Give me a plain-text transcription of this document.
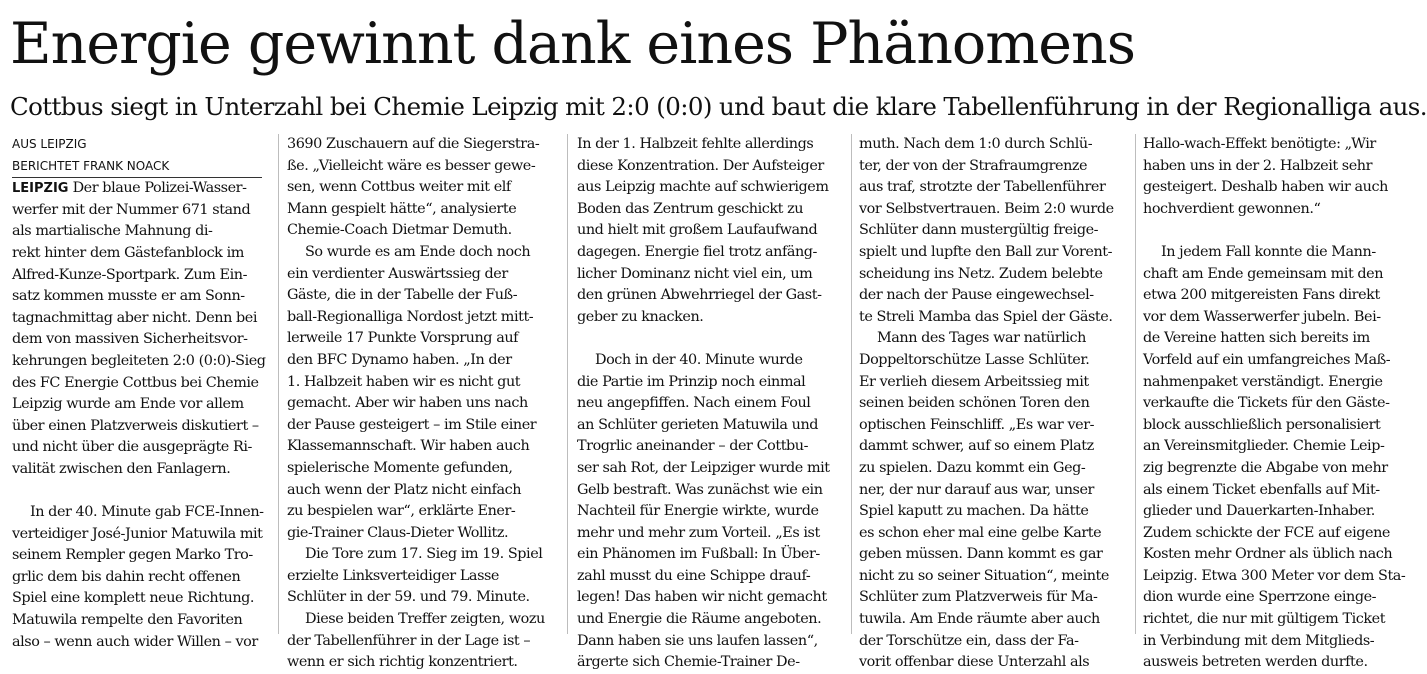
Energie gewinnt dank eines Phänomens
Cottbus siegt in Unterzahl bei Chemie Leipzig mit 2:0 (0:0) und baut die klare Tabellenführung in der Regionalliga aus.

AUS LEIPZIG

BERICHTET FRANK NOACK

LEIPZIG Der blaue Polizei-Wasser-

werfer mit der Nummer 671 stand

als martialische Mahnung di-

rekt hinter dem Gästefanblock im

Alfred-Kunze-Sportpark. Zum Ein-

satz kommen musste er am Sonn-

tagnachmittag aber nicht. Denn bei

dem von massiven Sicherheitsvor-

kehrungen begleiteten 2:0 (0:0)-Sieg

des FC Energie Cottbus bei Chemie

Leipzig wurde am Ende vor allem

über einen Platzverweis diskutiert –

und nicht über die ausgeprägte Ri-

valität zwischen den Fanlagern.

In der 40. Minute gab FCE-Innen-

verteidiger José-Junior Matuwila mit

seinem Rempler gegen Marko Tro-

grlic dem bis dahin recht offenen

Spiel eine komplett neue Richtung.

Matuwila rempelte den Favoriten

also – wenn auch wider Willen – vor

3690 Zuschauern auf die Siegerstra-

ße. „Vielleicht wäre es besser gewe-

sen, wenn Cottbus weiter mit elf

Mann gespielt hätte“, analysierte

Chemie-Coach Dietmar Demuth.

So wurde es am Ende doch noch

ein verdienter Auswärtssieg der

Gäste, die in der Tabelle der Fuß-

ball-Regionalliga Nordost jetzt mitt-

lerweile 17 Punkte Vorsprung auf

den BFC Dynamo haben. „In der

1. Halbzeit haben wir es nicht gut

gemacht. Aber wir haben uns nach

der Pause gesteigert – im Stile einer

Klassemannschaft. Wir haben auch

spielerische Momente gefunden,

auch wenn der Platz nicht einfach

zu bespielen war“, erklärte Ener-

gie-Trainer Claus-Dieter Wollitz.

Die Tore zum 17. Sieg im 19. Spiel

erzielte Linksverteidiger Lasse

Schlüter in der 59. und 79. Minute.

Diese beiden Treffer zeigten, wozu

der Tabellenführer in der Lage ist –

wenn er sich richtig konzentriert.

In der 1. Halbzeit fehlte allerdings

diese Konzentration. Der Aufsteiger

aus Leipzig machte auf schwierigem

Boden das Zentrum geschickt zu

und hielt mit großem Laufaufwand

dagegen. Energie fiel trotz anfäng-

licher Dominanz nicht viel ein, um

den grünen Abwehrriegel der Gast-

geber zu knacken.

Doch in der 40. Minute wurde

die Partie im Prinzip noch einmal

neu angepfiffen. Nach einem Foul

an Schlüter gerieten Matuwila und

Trogrlic aneinander – der Cottbu-

ser sah Rot, der Leipziger wurde mit

Gelb bestraft. Was zunächst wie ein

Nachteil für Energie wirkte, wurde

mehr und mehr zum Vorteil. „Es ist

ein Phänomen im Fußball: In Über-

zahl musst du eine Schippe drauf-

legen! Das haben wir nicht gemacht

und Energie die Räume angeboten.

Dann haben sie uns laufen lassen“,

ärgerte sich Chemie-Trainer De-

muth. Nach dem 1:0 durch Schlü-

ter, der von der Strafraumgrenze

aus traf, strotzte der Tabellenführer

vor Selbstvertrauen. Beim 2:0 wurde

Schlüter dann mustergültig freige-

spielt und lupfte den Ball zur Vorent-

scheidung ins Netz. Zudem belebte

der nach der Pause eingewechsel-

te Streli Mamba das Spiel der Gäste.

Mann des Tages war natürlich

Doppeltorschütze Lasse Schlüter.

Er verlieh diesem Arbeitssieg mit

seinen beiden schönen Toren den

optischen Feinschliff. „Es war ver-

dammt schwer, auf so einem Platz

zu spielen. Dazu kommt ein Geg-

ner, der nur darauf aus war, unser

Spiel kaputt zu machen. Da hätte

es schon eher mal eine gelbe Karte

geben müssen. Dann kommt es gar

nicht zu so seiner Situation“, meinte

Schlüter zum Platzverweis für Ma-

tuwila. Am Ende räumte aber auch

der Torschütze ein, dass der Fa-

vorit offenbar diese Unterzahl als

Hallo-wach-Effekt benötigte: „Wir

haben uns in der 2. Halbzeit sehr

gesteigert. Deshalb haben wir auch

hochverdient gewonnen.“

In jedem Fall konnte die Mann-

chaft am Ende gemeinsam mit den

etwa 200 mitgereisten Fans direkt

vor dem Wasserwerfer jubeln. Bei-

de Vereine hatten sich bereits im

Vorfeld auf ein umfangreiches Maß-

nahmenpaket verständigt. Energie

verkaufte die Tickets für den Gäste-

block ausschließlich personalisiert

an Vereinsmitglieder. Chemie Leip-

zig begrenzte die Abgabe von mehr

als einem Ticket ebenfalls auf Mit-

glieder und Dauerkarten-Inhaber.

Zudem schickte der FCE auf eigene

Kosten mehr Ordner als üblich nach

Leipzig. Etwa 300 Meter vor dem Sta-

dion wurde eine Sperrzone einge-

richtet, die nur mit gültigem Ticket

in Verbindung mit dem Mitglieds-

ausweis betreten werden durfte.
